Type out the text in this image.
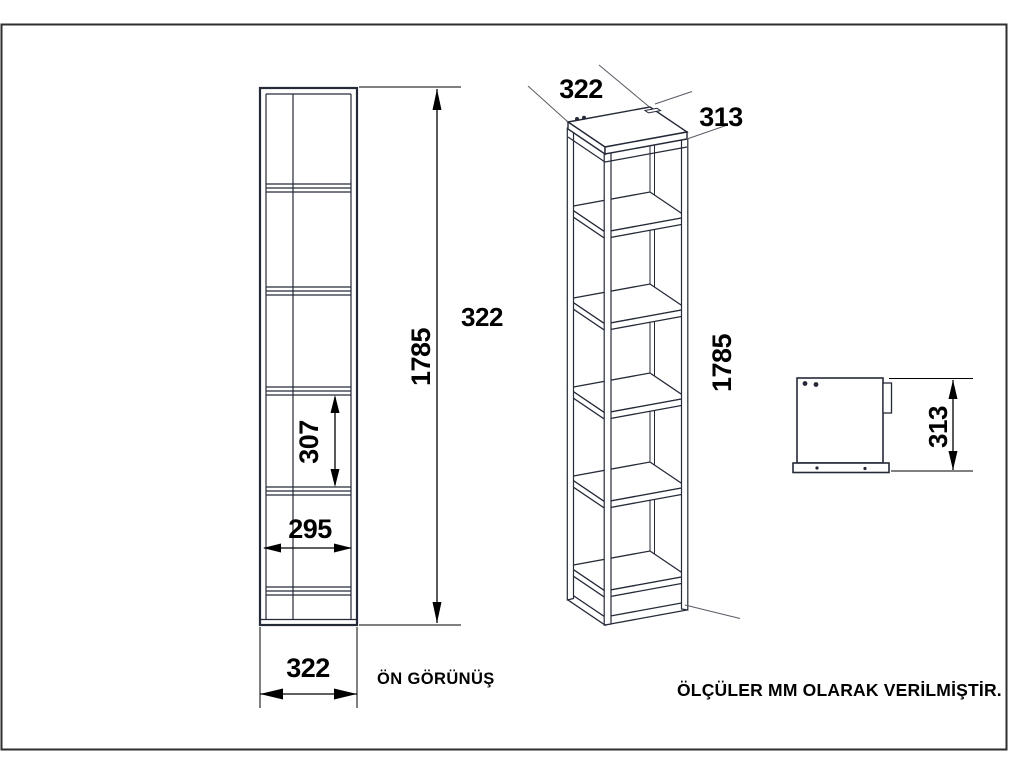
307
295
322
1785
322
ÖN GÖRÜNÜŞ
322
313
1785
313
ÖLÇÜLER MM OLARAK VERİLMİŞTİR.
